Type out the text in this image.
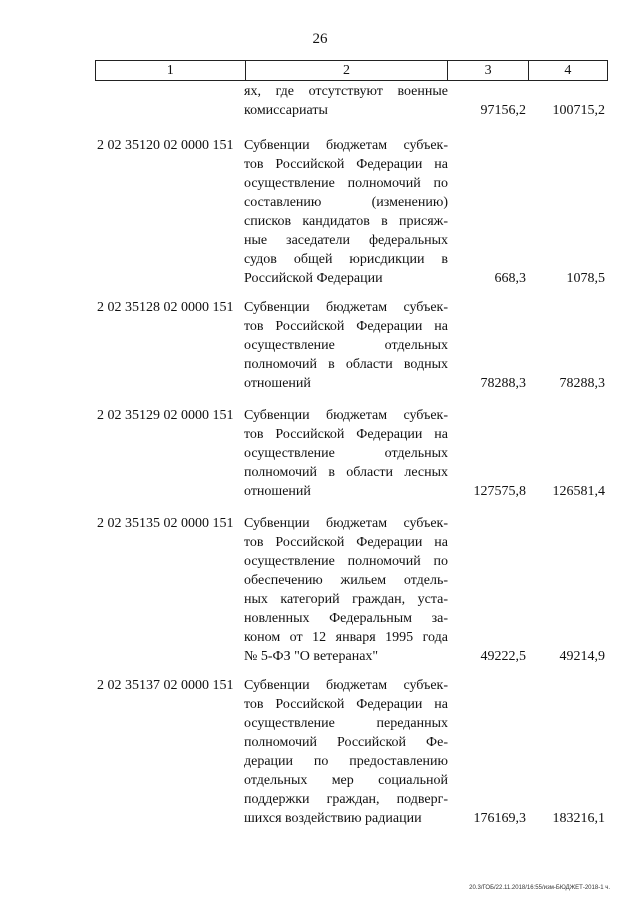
26
1	2	3	4
ях, где отсутствуют военные
комиссариаты	97156,2	100715,2
2 02 35120 02 0000 151 Субвенции бюджетам субъек-
тов Российской Федерации на
осуществление полномочий по
составлению (изменению)
списков кандидатов в присяж-
ные заседатели федеральных
судов общей юрисдикции в
Российской Федерации	668,3	1078,5
2 02 35128 02 0000 151 Субвенции бюджетам субъек-
тов Российской Федерации на
осуществление отдельных
полномочий в области водных
отношений	78288,3	78288,3
2 02 35129 02 0000 151 Субвенции бюджетам субъек-
тов Российской Федерации на
осуществление отдельных
полномочий в области лесных
отношений	127575,8	126581,4
2 02 35135 02 0000 151 Субвенции бюджетам субъек-
тов Российской Федерации на
осуществление полномочий по
обеспечению жильем отдель-
ных категорий граждан, уста-
новленных Федеральным за-
коном от 12 января 1995 года
№ 5-ФЗ "О ветеранах"	49222,5	49214,9
2 02 35137 02 0000 151 Субвенции бюджетам субъек-
тов Российской Федерации на
осуществление переданных
полномочий Российской Фе-
дерации по предоставлению
отдельных мер социальной
поддержки граждан, подверг-
шихся воздействию радиации	176169,3	183216,1
20.3/ГОБ/22.11.2018/16:55/изм-БЮДЖЕТ-2018-1 ч.
